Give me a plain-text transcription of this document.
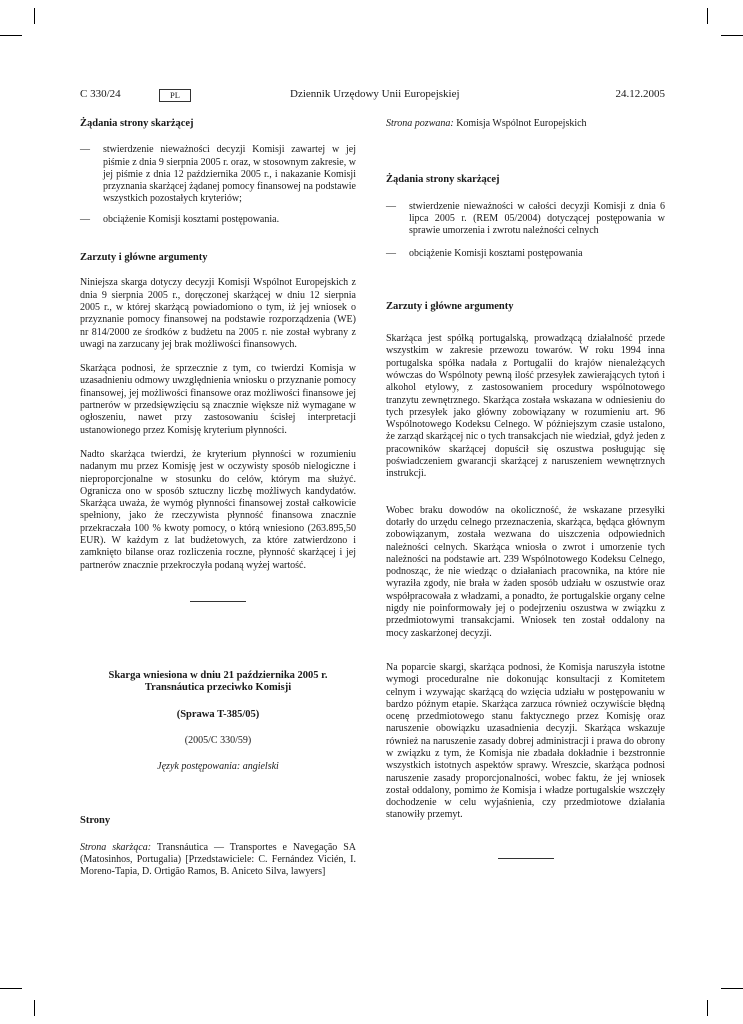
C 330/24	PL	Dziennik Urzędowy Unii Europejskiej	24.12.2005
Żądania strony skarżącej

— stwierdzenie nieważności decyzji Komisji zawartej w jej piśmie z dnia 9 sierpnia 2005 r. oraz, w stosownym zakresie, w jej piśmie z dnia 12 października 2005 r., i nakazanie Komisji przyznania skarżącej żądanej pomocy finansowej na podstawie wszystkich pozostałych kryteriów;

— obciążenie Komisji kosztami postępowania.

Zarzuty i główne argumenty

Niniejsza skarga dotyczy decyzji Komisji Wspólnot Europejskich z dnia 9 sierpnia 2005 r., doręczonej skarżącej w dniu 12 sierpnia 2005 r., w której skarżącą powiadomiono o tym, iż jej wniosek o przyznanie pomocy finansowej na podstawie rozporządzenia (WE) nr 814/2000 ze środków z budżetu na 2005 r. nie został wybrany z uwagi na zarzucany jej brak możliwości finansowych.

Skarżąca podnosi, że sprzecznie z tym, co twierdzi Komisja w uzasadnieniu odmowy uwzględnienia wniosku o przyznanie pomocy finansowej, jej możliwości finansowe oraz możliwości finansowe jej partnerów w przedsięwzięciu są znacznie większe niż wymagane w ogłoszeniu, nawet przy zastosowaniu ścisłej interpretacji ustanowionego przez Komisję kryterium płynności.

Nadto skarżąca twierdzi, że kryterium płynności w rozumieniu nadanym mu przez Komisję jest w oczywisty sposób nielogiczne i nieproporcjonalne w stosunku do celów, którym ma służyć. Ogranicza ono w sposób sztuczny liczbę możliwych kandydatów. Skarżąca uważa, że wymóg płynności finansowej został całkowicie spełniony, jako że rzeczywista płynność finansowa znacznie przekraczała 100 % kwoty pomocy, o którą wniesiono (263.895,50 EUR). W każdym z lat budżetowych, za które zatwierdzono i zamknięto bilanse oraz rozliczenia roczne, płynność skarżącej i jej partnerów znacznie przekroczyła podaną wyżej wartość.

Skarga wniesiona w dniu 21 października 2005 r. Transnáutica przeciwko Komisji
(Sprawa T-385/05)

(2005/C 330/59)

Język postępowania: angielski

Strony

Strona skarżąca: Transnáutica — Transportes e Navegação SA (Matosinhos, Portugalia) [Przedstawiciele: C. Fernández Vicién, I. Moreno-Tapia, D. Ortigão Ramos, B. Aniceto Silva, lawyers]

Strona pozwana: Komisja Wspólnot Europejskich

Żądania strony skarżącej

— stwierdzenie nieważności w całości decyzji Komisji z dnia 6 lipca 2005 r. (REM 05/2004) dotyczącej postępowania w sprawie umorzenia i zwrotu należności celnych

— obciążenie Komisji kosztami postępowania

Zarzuty i główne argumenty

Skarżąca jest spółką portugalską, prowadzącą działalność przede wszystkim w zakresie przewozu towarów. W roku 1994 inna portugalska spółka nadała z Portugalii do krajów nienależących wówczas do Wspólnoty pewną ilość przesyłek zawierających tytoń i alkohol etylowy, z zastosowaniem procedury wspólnotowego tranzytu zewnętrznego. Skarżąca została wskazana w odniesieniu do tych przesyłek jako główny zobowiązany w rozumieniu art. 96 Wspólnotowego Kodeksu Celnego. W późniejszym czasie ustalono, że zarząd skarżącej nic o tych transakcjach nie wiedział, gdyż jeden z pracowników skarżącej dopuścił się oszustwa posługując się poświadczeniem gwarancji skarżącej z naruszeniem wewnętrznych instrukcji.

Wobec braku dowodów na okoliczność, że wskazane przesyłki dotarły do urzędu celnego przeznaczenia, skarżąca, będąca głównym zobowiązanym, została wezwana do uiszczenia odpowiednich należności celnych. Skarżąca wniosła o zwrot i umorzenie tych należności na podstawie art. 239 Wspólnotowego Kodeksu Celnego, podnosząc, że nie wiedząc o działaniach pracownika, na które nie wyraziła zgody, nie brała w żaden sposób udziału w oszustwie oraz współpracowała z władzami, a ponadto, że portugalskie organy celne nigdy nie poinformowały jej o podejrzeniu oszustwa w związku z przedmiotowymi transakcjami. Wniosek ten został oddalony na mocy zaskarżonej decyzji.

Na poparcie skargi, skarżąca podnosi, że Komisja naruszyła istotne wymogi proceduralne nie dokonując konsultacji z Komitetem celnym i wzywając skarżącą do wzięcia udziału w postępowaniu w bardzo późnym etapie. Skarżąca zarzuca również oczywiście błędną ocenę przedmiotowego stanu faktycznego przez Komisję oraz naruszenie obowiązku uzasadnienia decyzji. Skarżąca wskazuje również na naruszenie zasady dobrej administracji i prawa do obrony w związku z tym, że Komisja nie zbadała dokładnie i bezstronnie wszystkich istotnych aspektów sprawy. Wreszcie, skarżąca podnosi naruszenie zasady proporcjonalności, wobec faktu, że jej wniosek został oddalony, pomimo że Komisja i władze portugalskie wszczęły dochodzenie w celu wyjaśnienia, czy przedmiotowe działania stanowiły przemyt.
